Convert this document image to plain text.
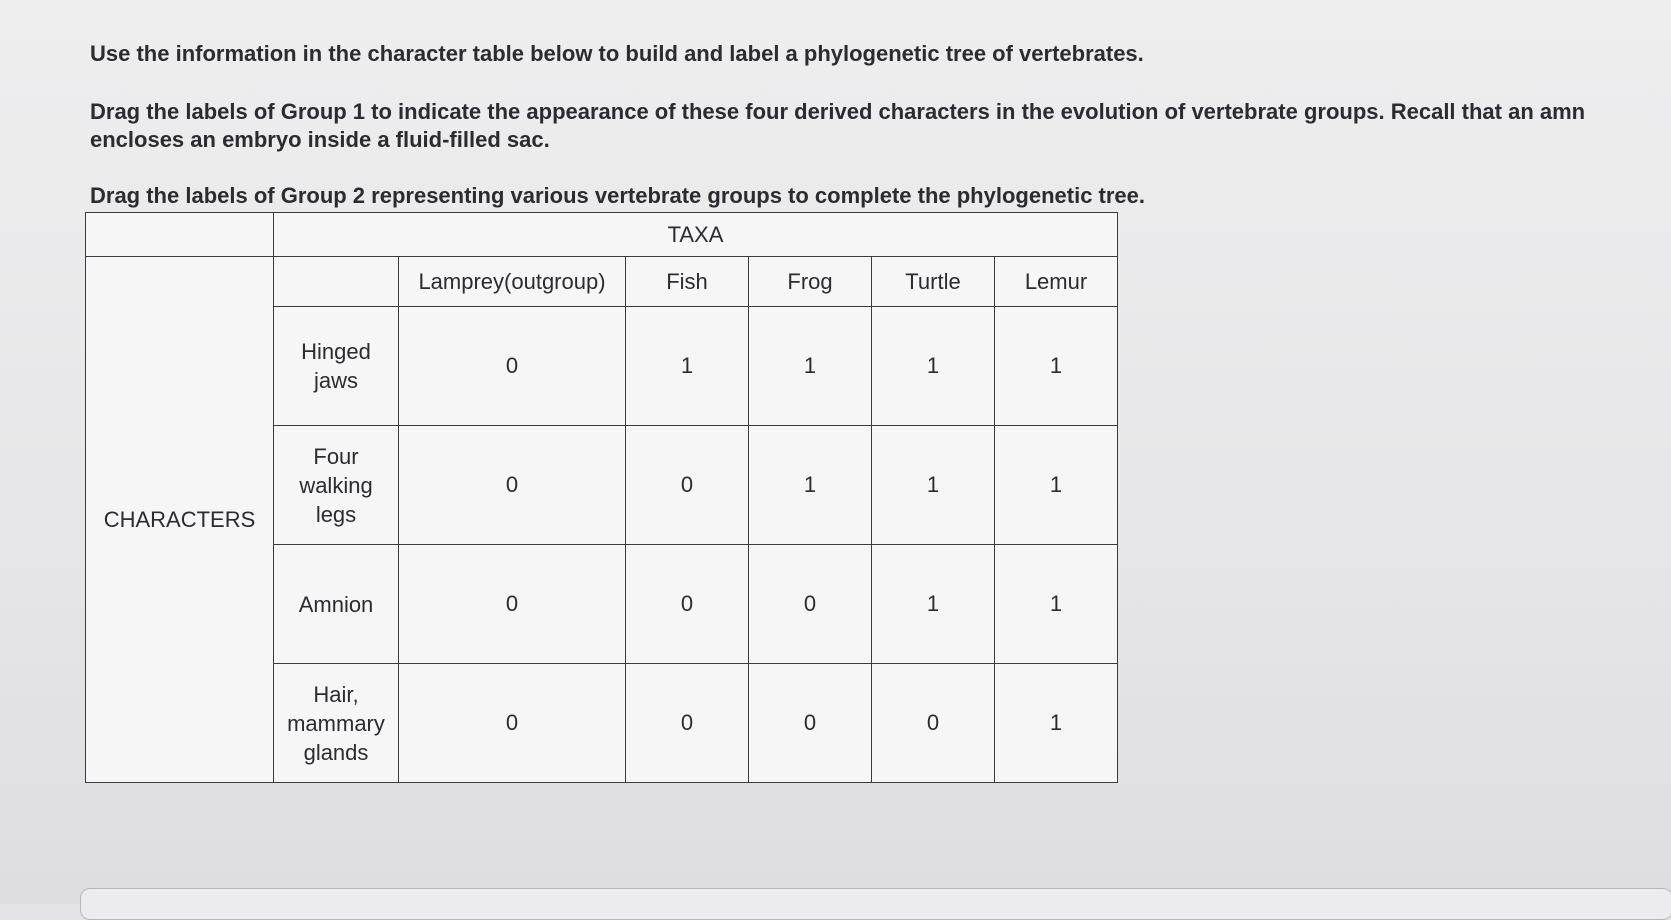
Use the information in the character table below to build and label a phylogenetic tree of vertebrates.

Drag the labels of Group 1 to indicate the appearance of these four derived characters in the evolution of vertebrate groups. Recall that an amn
encloses an embryo inside a fluid-filled sac.

Drag the labels of Group 2 representing various vertebrate groups to complete the phylogenetic tree.

	TAXA					
CHARACTERS		Lamprey(outgroup)	Fish	Frog	Turtle	Lemur
	Hinged
jaws	0	1	1	1	1
	Four
walking
legs	0	0	1	1	1
	Amnion	0	0	0	1	1
	Hair,
mammary
glands	0	0	0	0	1
